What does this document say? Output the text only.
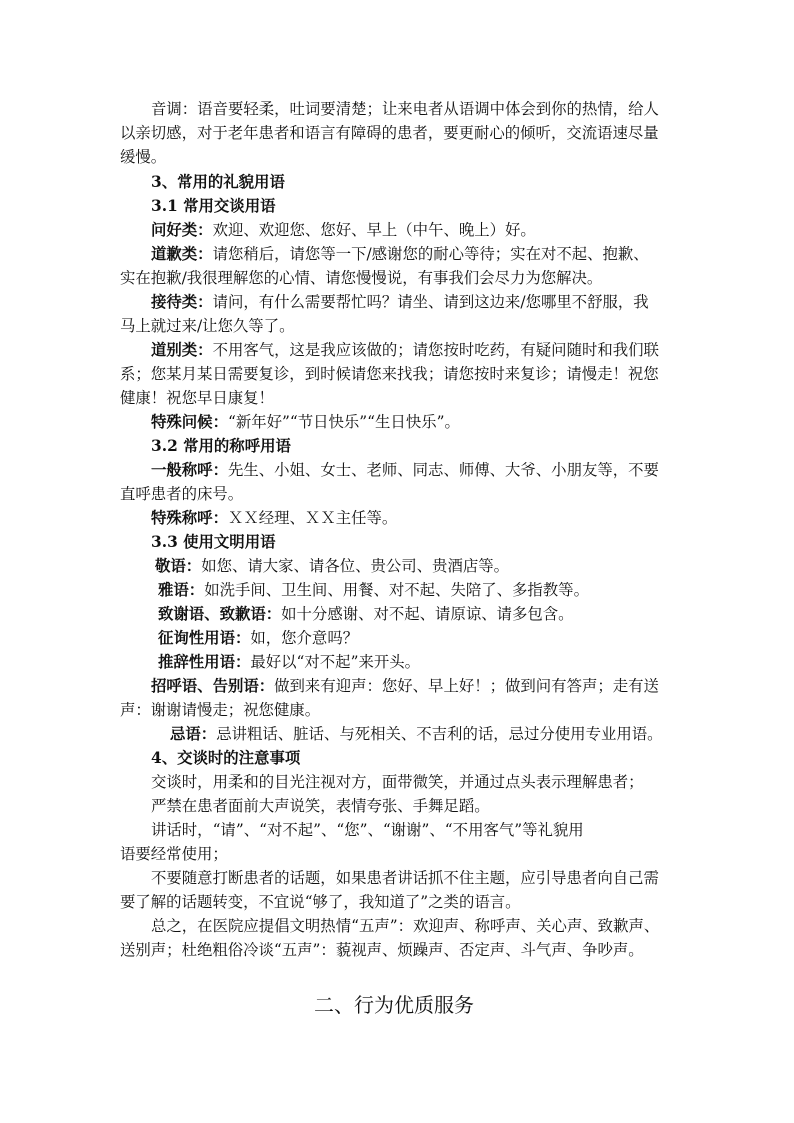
音调：语音要轻柔，吐词要清楚；让来电者从语调中体会到你的热情，给人
以亲切感，对于老年患者和语言有障碍的患者，要更耐心的倾听，交流语速尽量
缓慢。
3、常用的礼貌用语
3.1 常用交谈用语
问好类：欢迎、欢迎您、您好、早上（中午、晚上）好。
道歉类：请您稍后，请您等一下/感谢您的耐心等待；实在对不起、抱歉、
实在抱歉/我很理解您的心情、请您慢慢说，有事我们会尽力为您解决。
接待类：请问，有什么需要帮忙吗？请坐、请到这边来/您哪里不舒服，我
马上就过来/让您久等了。
道别类：不用客气，这是我应该做的；请您按时吃药，有疑问随时和我们联
系；您某月某日需要复诊，到时候请您来找我；请您按时来复诊；请慢走！祝您
健康！祝您早日康复！
特殊问候：“新年好”“节日快乐”“生日快乐”。
3.2 常用的称呼用语
一般称呼：先生、小姐、女士、老师、同志、师傅、大爷、小朋友等，不要
直呼患者的床号。
特殊称呼：ＸＸ经理、ＸＸ主任等。
3.3 使用文明用语
敬语：如您、请大家、请各位、贵公司、贵酒店等。
雅语：如洗手间、卫生间、用餐、对不起、失陪了、多指教等。
致谢语、致歉语：如十分感谢、对不起、请原谅、请多包含。
征询性用语：如，您介意吗？
推辞性用语：最好以“对不起”来开头。
招呼语、告别语：做到来有迎声：您好、早上好！；做到问有答声；走有送
声：谢谢请慢走；祝您健康。
忌语：忌讲粗话、脏话、与死相关、不吉利的话，忌过分使用专业用语。
4、交谈时的注意事项
交谈时，用柔和的目光注视对方，面带微笑，并通过点头表示理解患者；
严禁在患者面前大声说笑，表情夸张、手舞足蹈。
讲话时，“请”、“对不起”、“您”、“谢谢”、“不用客气”等礼貌用
语要经常使用；
不要随意打断患者的话题，如果患者讲话抓不住主题，应引导患者向自己需
要了解的话题转变，不宜说“够了，我知道了”之类的语言。
总之，在医院应提倡文明热情“五声”：欢迎声、称呼声、关心声、致歉声、
送别声；杜绝粗俗冷谈“五声”：藐视声、烦躁声、否定声、斗气声、争吵声。
二、行为优质服务
